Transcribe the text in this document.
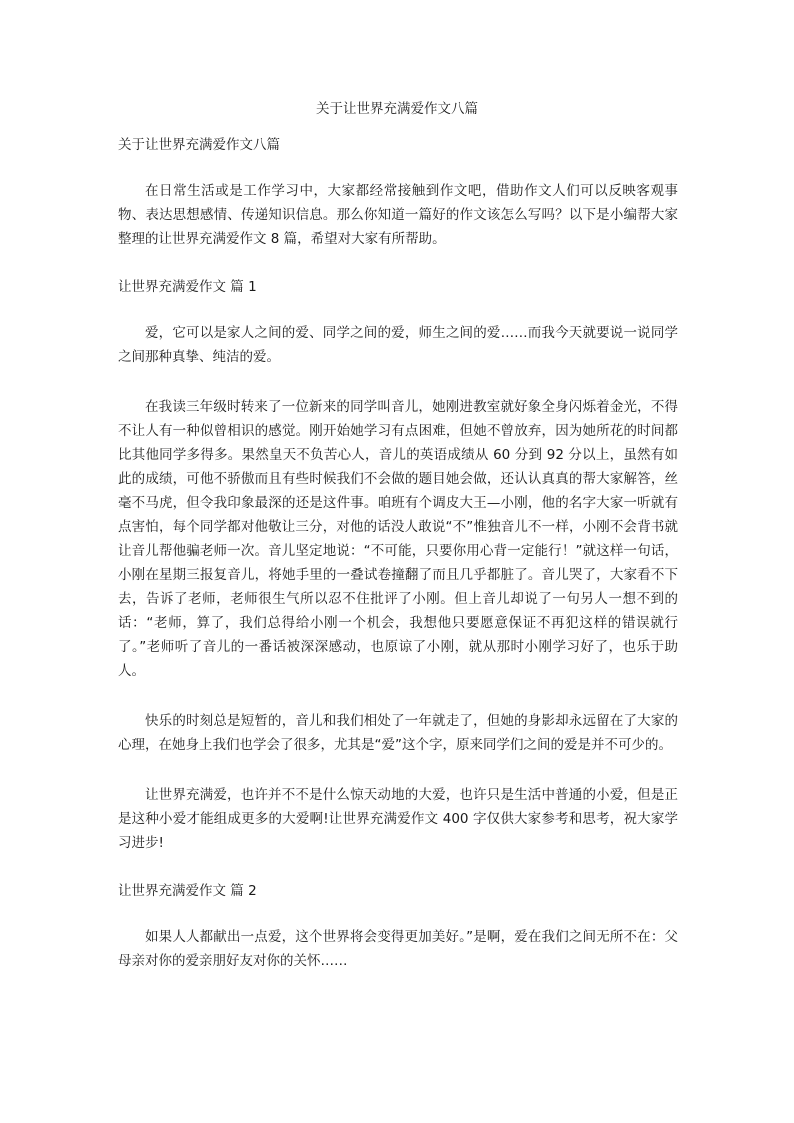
关于让世界充满爱作文八篇

关于让世界充满爱作文八篇

在日常生活或是工作学习中，大家都经常接触到作文吧，借助作文人们可以反映客观事物、表达思想感情、传递知识信息。那么你知道一篇好的作文该怎么写吗？以下是小编帮大家整理的让世界充满爱作文 8 篇，希望对大家有所帮助。

让世界充满爱作文 篇 1

爱，它可以是家人之间的爱、同学之间的爱，师生之间的爱……而我今天就要说一说同学之间那种真挚、纯洁的爱。

在我读三年级时转来了一位新来的同学叫音儿，她刚进教室就好象全身闪烁着金光，不得不让人有一种似曾相识的感觉。刚开始她学习有点困难，但她不曾放弃，因为她所花的时间都比其他同学多得多。果然皇天不负苦心人，音儿的英语成绩从 60 分到 92 分以上，虽然有如此的成绩，可他不骄傲而且有些时候我们不会做的题目她会做，还认认真真的帮大家解答，丝毫不马虎，但令我印象最深的还是这件事。咱班有个调皮大王—小刚，他的名字大家一听就有点害怕，每个同学都对他敬让三分，对他的话没人敢说“不”惟独音儿不一样，小刚不会背书就让音儿帮他骗老师一次。音儿坚定地说：“不可能，只要你用心背一定能行！”就这样一句话，小刚在星期三报复音儿，将她手里的一叠试卷撞翻了而且几乎都脏了。音儿哭了，大家看不下去，告诉了老师，老师很生气所以忍不住批评了小刚。但上音儿却说了一句另人一想不到的话：“老师，算了，我们总得给小刚一个机会，我想他只要愿意保证不再犯这样的错误就行了。”老师听了音儿的一番话被深深感动，也原谅了小刚，就从那时小刚学习好了，也乐于助人。

快乐的时刻总是短暂的，音儿和我们相处了一年就走了，但她的身影却永远留在了大家的心理，在她身上我们也学会了很多，尤其是“爱”这个字，原来同学们之间的爱是并不可少的。

让世界充满爱，也许并不不是什么惊天动地的大爱，也许只是生活中普通的小爱，但是正是这种小爱才能组成更多的大爱啊!让世界充满爱作文 400 字仅供大家参考和思考，祝大家学习进步!

让世界充满爱作文 篇 2

如果人人都献出一点爱，这个世界将会变得更加美好。”是啊，爱在我们之间无所不在：父母亲对你的爱亲朋好友对你的关怀……
